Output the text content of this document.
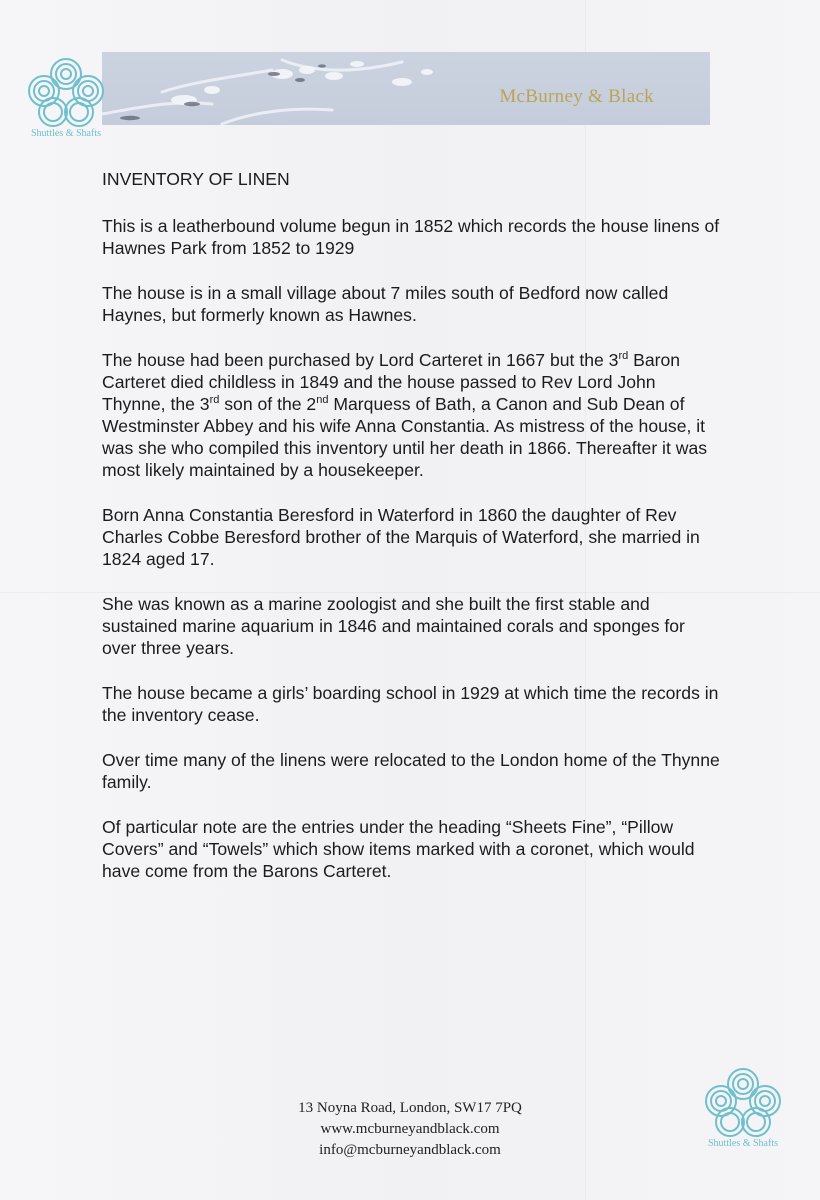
McBurney & Black
Shuttles & Shafts
INVENTORY OF LINEN

This is a leatherbound volume begun in 1852 which records the house linens of Hawnes Park from 1852 to 1929

The house is in a small village about 7 miles south of Bedford now called Haynes, but formerly known as Hawnes.

The house had been purchased by Lord Carteret in 1667 but the 3rd Baron Carteret died childless in 1849 and the house passed to Rev Lord John Thynne, the 3rd son of the 2nd Marquess of Bath, a Canon and Sub Dean of Westminster Abbey and his wife Anna Constantia. As mistress of the house, it was she who compiled this inventory until her death in 1866. Thereafter it was most likely maintained by a housekeeper.

Born Anna Constantia Beresford in Waterford in 1860 the daughter of Rev Charles Cobbe Beresford brother of the Marquis of Waterford, she married in 1824 aged 17.

She was known as a marine zoologist and she built the first stable and sustained marine aquarium in 1846 and maintained corals and sponges for over three years.

The house became a girls’ boarding school in 1929 at which time the records in the inventory cease.

Over time many of the linens were relocated to the London home of the Thynne family.

Of particular note are the entries under the heading “Sheets Fine”, “Pillow Covers” and “Towels” which show items marked with a coronet, which would have come from the Barons Carteret.

Shuttles & Shafts
13 Noyna Road, London, SW17 7PQ
www.mcburneyandblack.com
info@mcburneyandblack.com
